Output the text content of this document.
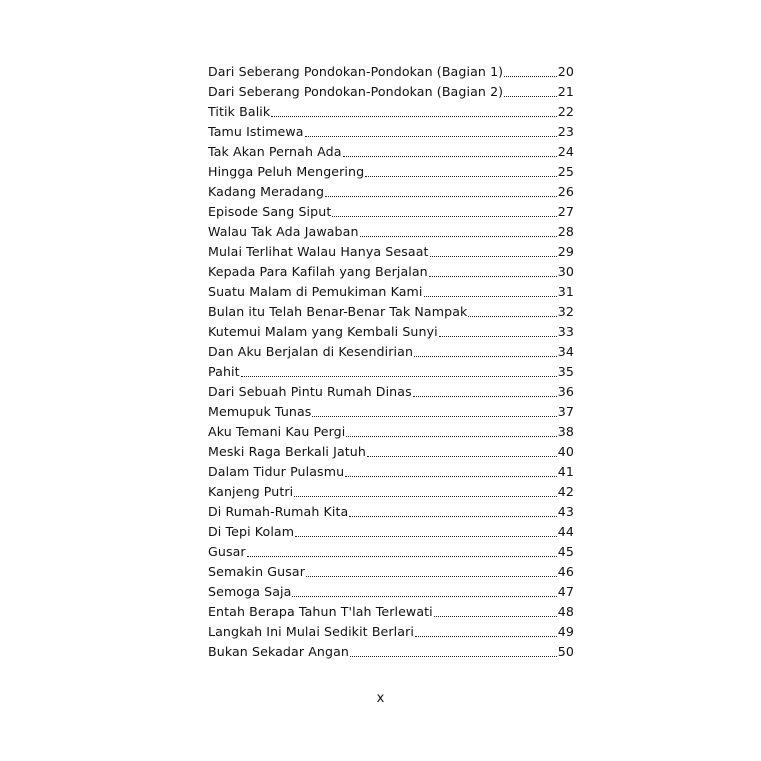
Dari Seberang Pondokan-Pondokan (Bagian 1)	20
Dari Seberang Pondokan-Pondokan (Bagian 2)	21
Titik Balik	22
Tamu Istimewa	23
Tak Akan Pernah Ada	24
Hingga Peluh Mengering	25
Kadang Meradang	26
Episode Sang Siput	27
Walau Tak Ada Jawaban	28
Mulai Terlihat Walau Hanya Sesaat	29
Kepada Para Kafilah yang Berjalan	30
Suatu Malam di Pemukiman Kami	31
Bulan itu Telah Benar-Benar Tak Nampak	32
Kutemui Malam yang Kembali Sunyi	33
Dan Aku Berjalan di Kesendirian	34
Pahit	35
Dari Sebuah Pintu Rumah Dinas	36
Memupuk Tunas	37
Aku Temani Kau Pergi	38
Meski Raga Berkali Jatuh	40
Dalam Tidur Pulasmu	41
Kanjeng Putri	42
Di Rumah-Rumah Kita	43
Di Tepi Kolam	44
Gusar	45
Semakin Gusar	46
Semoga Saja	47
Entah Berapa Tahun T'lah Terlewati	48
Langkah Ini Mulai Sedikit Berlari	49
Bukan Sekadar Angan	50
x
